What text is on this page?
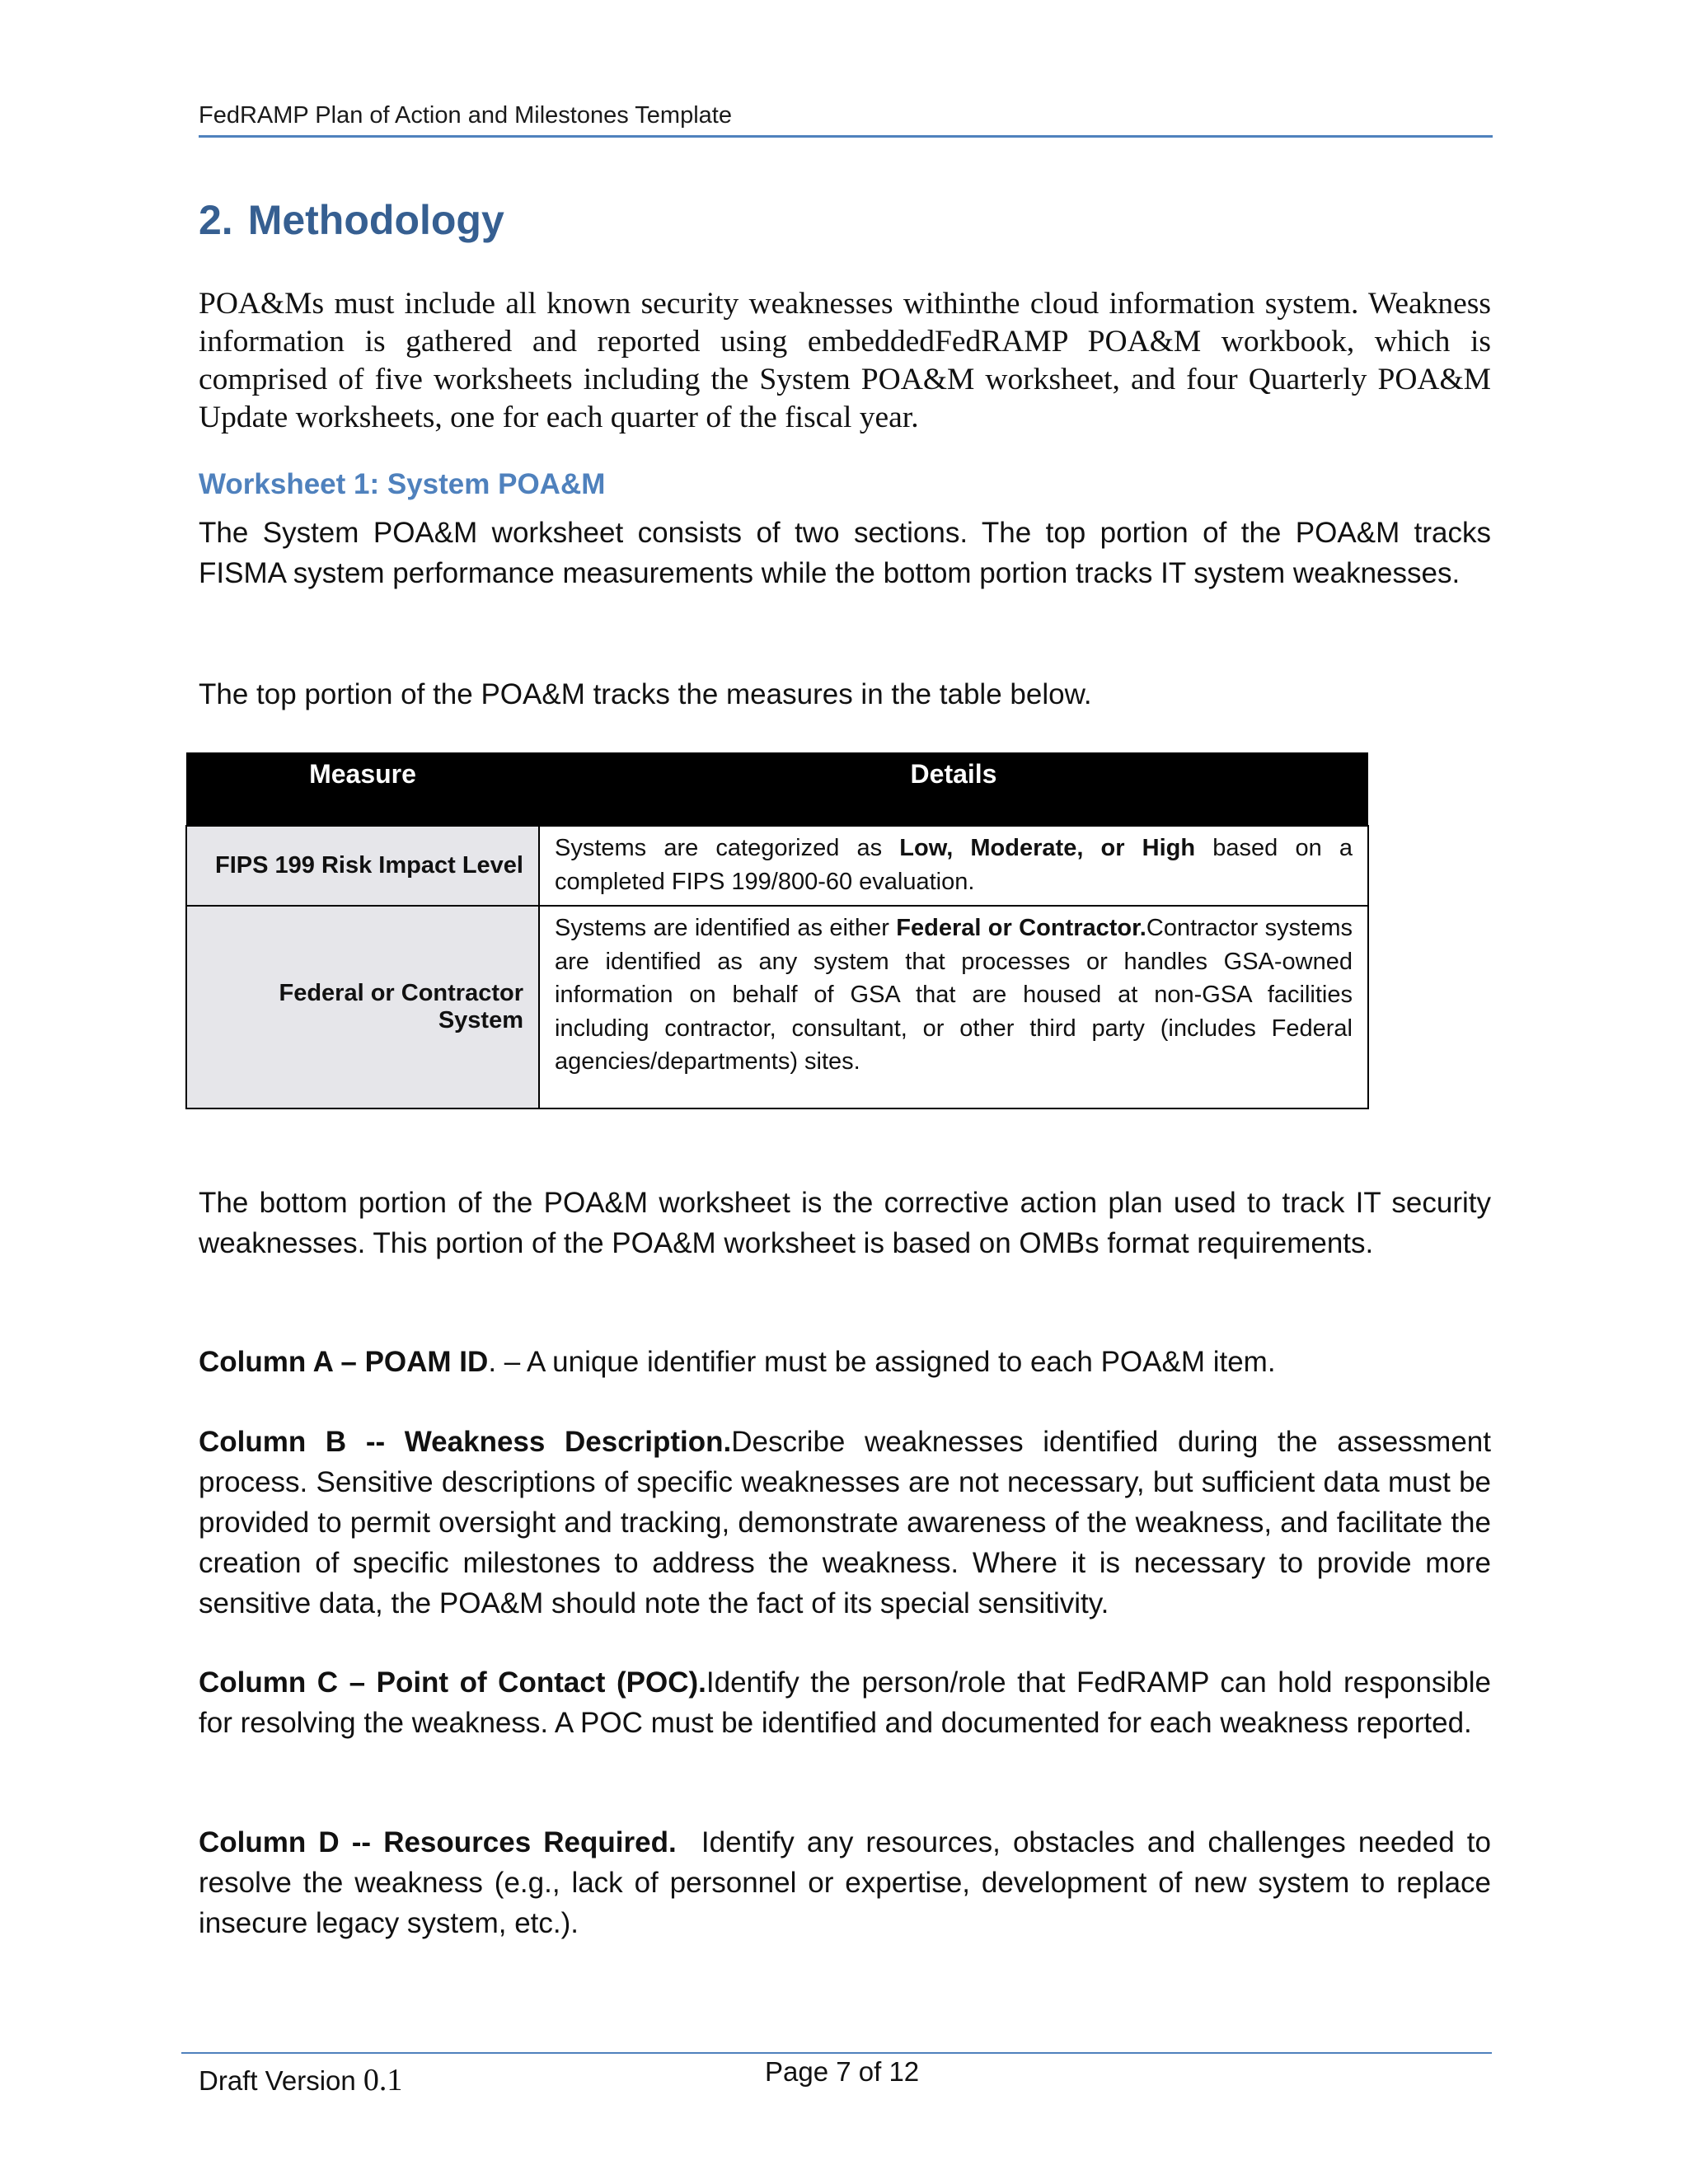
FedRAMP Plan of Action and Milestones Template
2. Methodology
POA&Ms must include all known security weaknesses withinthe cloud information system. Weakness information is gathered and reported using embeddedFedRAMP POA&M workbook, which is comprised of five worksheets including the System POA&M worksheet, and four Quarterly POA&M Update worksheets, one for each quarter of the fiscal year.
Worksheet 1: System POA&M
The System POA&M worksheet consists of two sections. The top portion of the POA&M tracks FISMA system performance measurements while the bottom portion tracks IT system weaknesses.
The top portion of the POA&M tracks the measures in the table below.
Measure	Details
FIPS 199 Risk Impact Level	Systems are categorized as Low, Moderate, or High based on a completed FIPS 199/800-60 evaluation.
Federal or Contractor System	Systems are identified as either Federal or Contractor.Contractor systems are identified as any system that processes or handles GSA-owned information on behalf of GSA that are housed at non-GSA facilities including contractor, consultant, or other third party (includes Federal agencies/departments) sites.
The bottom portion of the POA&M worksheet is the corrective action plan used to track IT security weaknesses. This portion of the POA&M worksheet is based on OMBs format requirements.
Column A – POAM ID. – A unique identifier must be assigned to each POA&M item.
Column B -- Weakness Description.Describe weaknesses identified during the assessment process. Sensitive descriptions of specific weaknesses are not necessary, but sufficient data must be provided to permit oversight and tracking, demonstrate awareness of the weakness, and facilitate the creation of specific milestones to address the weakness. Where it is necessary to provide more sensitive data, the POA&M should note the fact of its special sensitivity.
Column C – Point of Contact (POC).Identify the person/role that FedRAMP can hold responsible for resolving the weakness. A POC must be identified and documented for each weakness reported.
Column D -- Resources Required.  Identify any resources, obstacles and challenges needed to resolve the weakness (e.g., lack of personnel or expertise, development of new system to replace insecure legacy system, etc.).
Draft Version 0.1	Page 7 of 12
